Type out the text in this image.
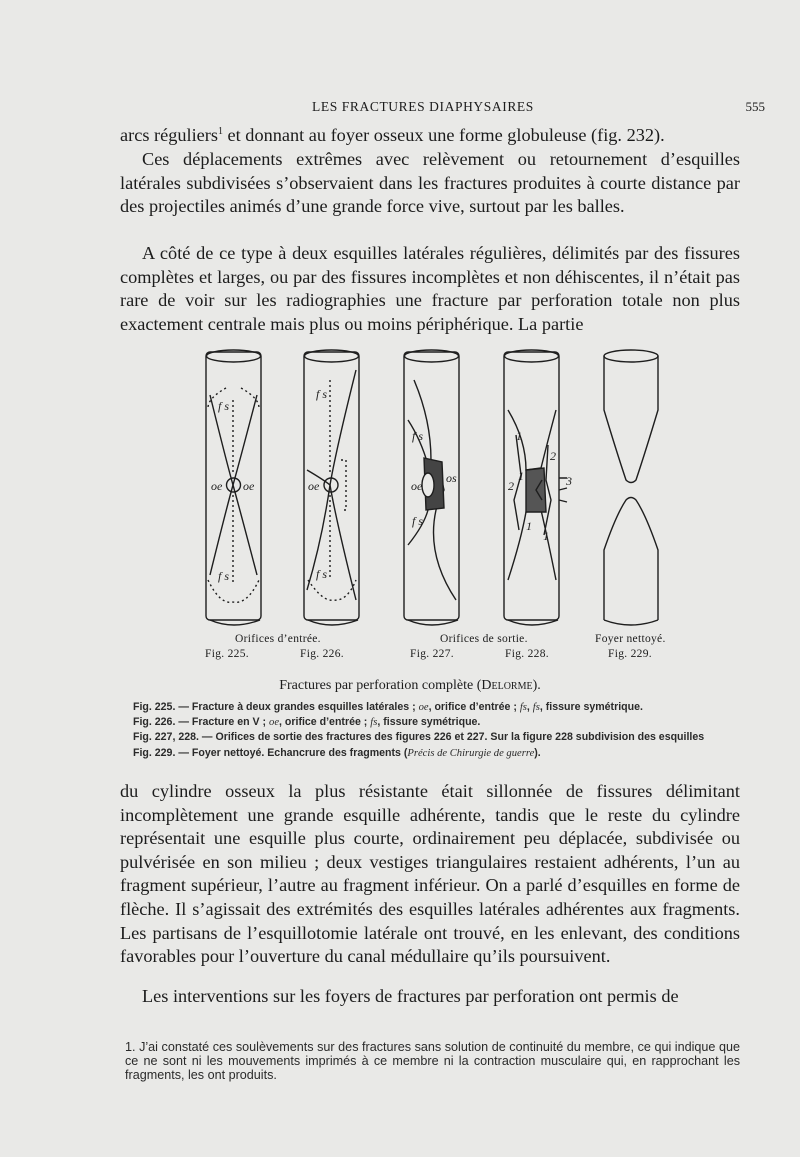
LES FRACTURES DIAPHYSAIRES	555

arcs réguliers$^1$ et donnant au foyer osseux une forme globuleuse (fig. 232).

Ces déplacements extrêmes avec relèvement ou retournement d’esquilles latérales subdivisées s’observaient dans les fractures produites à courte distance par des projectiles animés d’une grande force vive, surtout par les balles.

A côté de ce type à deux esquilles latérales régulières, délimités par des fissures complètes et larges, ou par des fissures incomplètes et non déhiscentes, il n’était pas rare de voir sur les radiographies une fracture par perforation totale non plus exactement centrale mais plus ou moins périphérique. La partie

f s
f s
oe oe
f s
f s
oe
f s
f s
os
oe
1
2
1
2	3
1
1
Orifices d’entrée.	Orifices de sortie.	Foyer nettoyé.
Fig. 225.	Fig. 226.	Fig. 227.	Fig. 228.	Fig. 229.
Fractures par perforation complète (Delorme).
Fig. 225. — Fracture à deux grandes esquilles latérales ; oe, orifice d’entrée ; fs, fs, fissure symétrique.
Fig. 226. — Fracture en V ; oe, orifice d’entrée ; fs, fissure symétrique.
Fig. 227, 228. — Orifices de sortie des fractures des figures 226 et 227. Sur la figure 228 subdivision des esquilles
Fig. 229. — Foyer nettoyé. Echancrure des fragments (Précis de Chirurgie de guerre).

du cylindre osseux la plus résistante était sillonnée de fissures délimitant incomplètement une grande esquille adhérente, tandis que le reste du cylindre représentait une esquille plus courte, ordinairement peu déplacée, subdivisée ou pulvérisée en son milieu ; deux vestiges triangulaires restaient adhérents, l’un au fragment supérieur, l’autre au fragment inférieur. On a parlé d’esquilles en forme de flèche. Il s’agissait des extrémités des esquilles latérales adhérentes aux fragments. Les partisans de l’esquillotomie latérale ont trouvé, en les enlevant, des conditions favorables pour l’ouverture du canal médullaire qu’ils poursuivent.

Les interventions sur les foyers de fractures par perforation ont permis de

1. J’ai constaté ces soulèvements sur des fractures sans solution de continuité du membre, ce qui indique que ce ne sont ni les mouvements imprimés à ce membre ni la contraction musculaire qui, en rapprochant les fragments, les ont produits.
